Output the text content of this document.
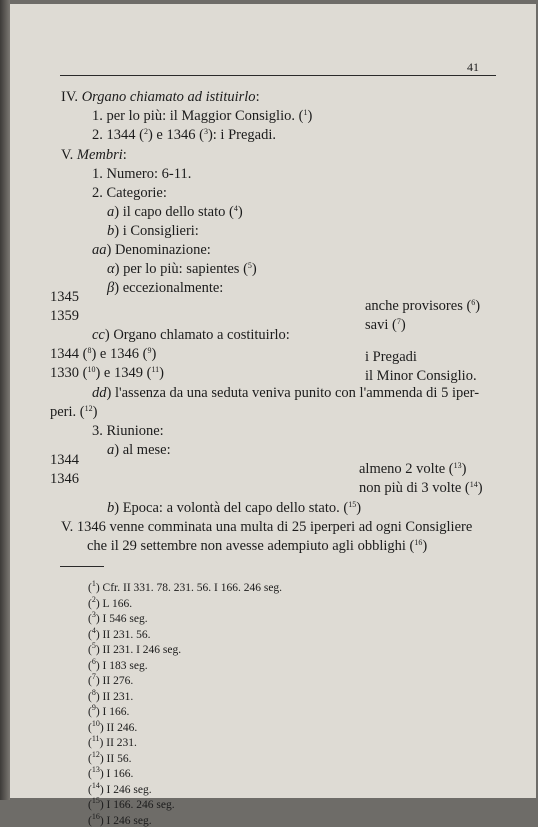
41
IV. Organo chiamato ad istituirlo:
1. per lo più: il Maggior Consiglio. ($^1$)
2. 1344 ($^2$) e 1346 ($^3$): i Pregadi.
V. Membri:
1. Numero: 6-11.
2. Categorie:
a) il capo dello stato ($^4$)
b) i Consiglieri:
aa) Denominazione:
α) per lo più: sapientes ($^5$)
β) eccezionalmente:
1345
anche provisores ($^6$)
1359
savi ($^7$)
cc) Organo chlamato a costituirlo:
1344 ($^8$) e 1346 ($^9$)	i Pregadi
1330 ($^{10}$) e 1349 ($^{11}$)	il Minor Consiglio.
dd) l'assenza da una seduta veniva punito con l'ammenda di 5 iper-
peri. ($^{12}$)
3. Riunione:
a) al mese:
1344
almeno 2 volte ($^{13}$)
1346
non più di 3 volte ($^{14}$)
b) Epoca: a volontà del capo dello stato. ($^{15}$)
V. 1346 venne comminata una multa di 25 iperperi ad ogni Consigliere
che il 29 settembre non avesse adempiuto agli obblighi ($^{16}$)
($^1$) Cfr. II 331. 78. 231. 56. I 166. 246 seg.
($^2$) L 166.
($^3$) I 546 seg.
($^4$) II 231. 56.
($^5$) II 231. I 246 seg.
($^6$) I 183 seg.
($^7$) II 276.
($^8$) II 231.
($^9$) I 166.
($^{10}$) II 246.
($^{11}$) II 231.
($^{12}$) II 56.
($^{13}$) I 166.
($^{14}$) I 246 seg.
($^{15}$) I 166. 246 seg.
($^{16}$) I 246 seg.
